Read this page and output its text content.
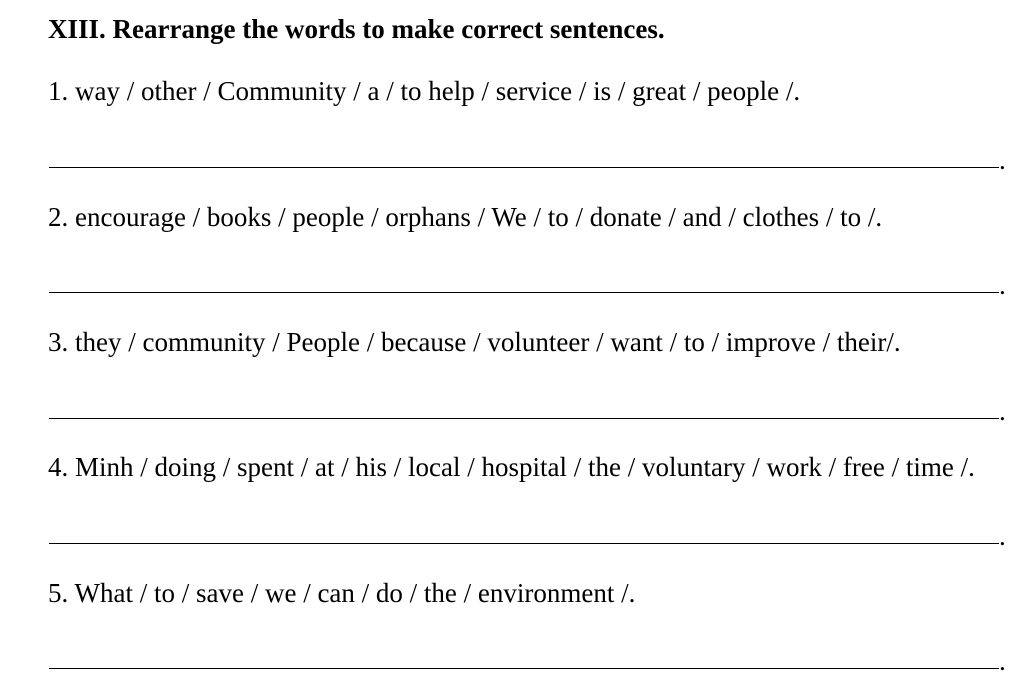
XIII. Rearrange the words to make correct sentences.
1. way / other / Community / a / to help / service / is / great / people /.
.
2. encourage / books / people / orphans / We / to / donate / and / clothes / to /.
.
3. they / community / People / because / volunteer / want / to / improve / their/.
.
4. Minh / doing / spent / at / his / local / hospital / the / voluntary / work / free / time /.
.
5. What / to / save / we / can / do / the / environment /.
.
